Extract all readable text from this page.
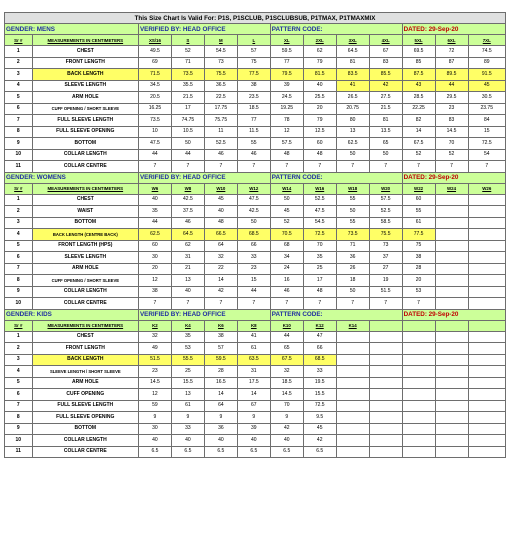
This Size Chart Is Valid For: P1S, P1SCLUB, P1SCLUBSUB, P1TMAX, P1TMAXMIX												
GENDER: MENS		VERIFIED BY: HEAD OFFICE				PATTERN CODE:				DATED: 29-Sep-20		
Sr #	MEASUREMENTS IN CENTIMETERS	XS/16	S	M	L	XL	2XL	3XL	4XL	5XL	6XL	7XL
1	CHEST	49.5	52	54.5	57	59.5	62	64.5	67	69.5	72	74.5
2	FRONT LENGTH	69	71	73	75	77	79	81	83	85	87	89
3	BACK LENGTH	71.5	73.5	75.5	77.5	79.5	81.5	83.5	85.5	87.5	89.5	91.5
4	SLEEVE LENGTH	34.5	35.5	36.5	38	39	40	41	42	43	44	45
5	ARM HOLE	20.5	21.5	22.5	23.5	24.5	25.5	26.5	27.5	28.5	29.5	30.5
6	CUFF OPENING / SHORT SLEEVE	16.25	17	17.75	18.5	19.25	20	20.75	21.5	22.25	23	23.75
7	FULL SLEEVE LENGTH	73.5	74.75	75.75	77	78	79	80	81	82	83	84
8	FULL SLEEVE OPENING	10	10.5	11	11.5	12	12.5	13	13.5	14	14.5	15
9	BOTTOM	47.5	50	52.5	55	57.5	60	62.5	65	67.5	70	72.5
10	COLLAR LENGTH	44	44	46	46	48	48	50	50	52	52	54
11	COLLAR CENTRE	7	7	7	7	7	7	7	7	7	7	7
GENDER: WOMENS		VERIFIED BY: HEAD OFFICE				PATTERN CODE:				DATED: 29-Sep-20		
Sr #	MEASUREMENTS IN CENTIMETERS	W6	W8	W10	W12	W14	W16	W18	W20	W22	W24	W26
1	CHEST	40	42.5	45	47.5	50	52.5	55	57.5	60		
2	WAIST	35	37.5	40	42.5	45	47.5	50	52.5	55		
3	BOTTOM	44	46	48	50	52	54.5	55	58.5	61		
4	BACK LENGTH (CENTRE BACK)	62.5	64.5	66.5	68.5	70.5	72.5	73.5	75.5	77.5		
5	FRONT LENGTH (HPS)	60	62	64	66	68	70	71	73	75		
6	SLEEVE LENGTH	30	31	32	33	34	35	36	37	38		
7	ARM HOLE	20	21	22	23	24	25	26	27	28		
8	CUFF OPENING / SHORT SLEEVE	12	13	14	15	16	17	18	19	20		
9	COLLAR LENGTH	38	40	42	44	46	48	50	51.5	53		
10	COLLAR CENTRE	7	7	7	7	7	7	7	7	7		
GENDER: KIDS		VERIFIED BY: HEAD OFFICE				PATTERN CODE:				DATED: 29-Sep-20		
Sr #	MEASUREMENTS IN CENTIMETERS	K2	K4	K6	K8	K10	K12	K14				
1	CHEST	32	35	38	41	44	47					
2	FRONT LENGTH	49	53	57	61	65	66					
3	BACK LENGTH	51.5	55.5	59.5	63.5	67.5	68.5					
4	SLEEVE LENGTH / SHORT SLEEVE	23	25	28	31	32	33					
5	ARM HOLE	14.5	15.5	16.5	17.5	18.5	19.5					
6	CUFF OPENING	12	13	14	14	14.5	15.5					
7	FULL SLEEVE LENGTH	59	61	64	67	70	72.5					
8	FULL SLEEVE OPENING	9	9	9	9	9	9.5					
9	BOTTOM	30	33	36	39	42	45					
10	COLLAR LENGTH	40	40	40	40	40	42					
11	COLLAR CENTRE	6.5	6.5	6.5	6.5	6.5	6.5					
